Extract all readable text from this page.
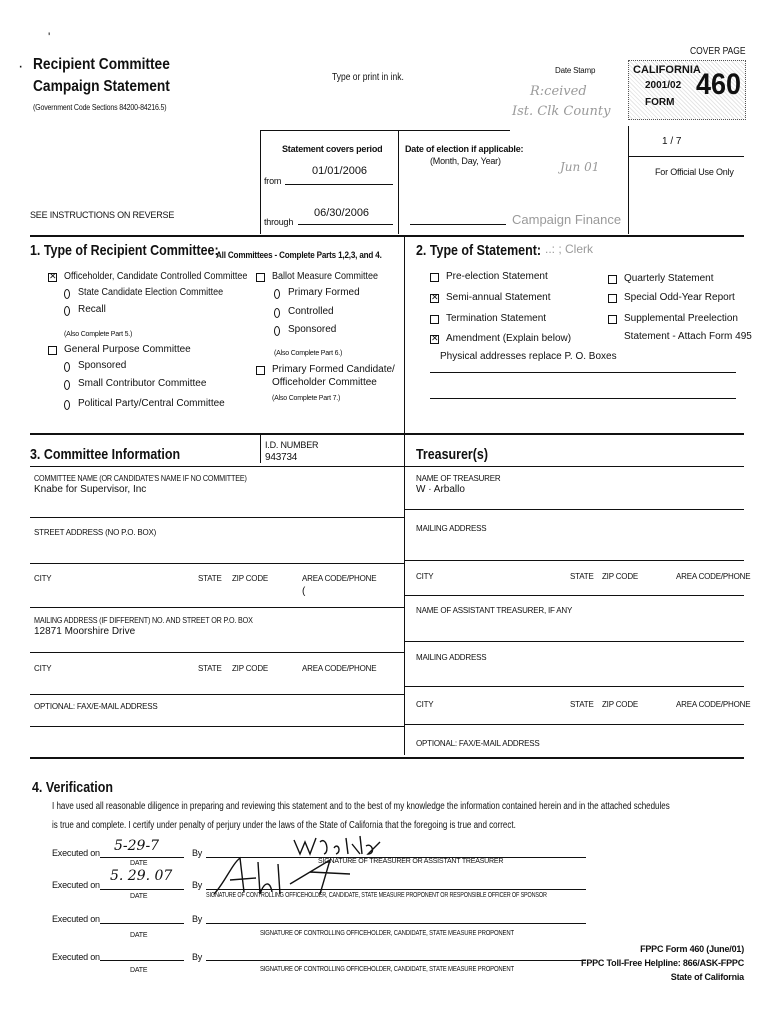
'
· Recipient Committee
Campaign Statement
(Government Code Sections 84200-84216.5)
Type or print in ink.
Date Stamp
R:ceived
Ist. Clk County
Jun 01
Campaign Finance
COVER PAGE
CALIFORNIA
2001/02
FORM
460
1 / 7
For Official Use Only
Statement covers period
from
01/01/2006
through
06/30/2006
Date of election if applicable:
(Month, Day, Year)
SEE INSTRUCTIONS ON REVERSE
1. Type of Recipient Committee:
All Committees - Complete Parts 1,2,3, and 4.
✕
Officeholder, Candidate Controlled Committee
State Candidate Election Committee
Recall
(Also Complete Part 5.)
General Purpose Committee
Sponsored
Small Contributor Committee
Political Party/Central Committee
Ballot Measure Committee
Primary Formed
Controlled
Sponsored
(Also Complete Part 6.)
Primary Formed Candidate/
Officeholder Committee
(Also Complete Part 7.)
2. Type of Statement: ..: ; Clerk
Pre-election Statement
✕
Semi-annual Statement
Termination Statement
✕
Amendment (Explain below)
Physical addresses replace P. O. Boxes
Quarterly Statement
Special Odd-Year Report
Supplemental Preelection
Statement - Attach Form 495
3. Committee Information
I.D. NUMBER
943734
COMMITTEE NAME (OR CANDIDATE'S NAME IF NO COMMITTEE)
Knabe for Supervisor, Inc
STREET ADDRESS (NO P.O. BOX)
CITY	STATE ZIP CODE	AREA CODE/PHONE
(
MAILING ADDRESS (IF DIFFERENT) NO. AND STREET OR P.O. BOX
12871 Moorshire Drive
CITY	STATE ZIP CODE	AREA CODE/PHONE
OPTIONAL: FAX/E-MAIL ADDRESS
Treasurer(s)
NAME OF TREASURER
W · Arballo
MAILING ADDRESS
CITY	STATE ZIP CODE	AREA CODE/PHONE
NAME OF ASSISTANT TREASURER, IF ANY
MAILING ADDRESS
CITY	STATE ZIP CODE	AREA CODE/PHONE
OPTIONAL: FAX/E-MAIL ADDRESS
4. Verification
I have used all reasonable diligence in preparing and reviewing this statement and to the best of my knowledge the information contained herein and in the attached schedules
is true and complete. I certify under penalty of perjury under the laws of the State of California that the foregoing is true and correct.
Executed on 5-29-7
DATE
By
SIGNATURE OF TREASURER OR ASSISTANT TREASURER
Executed on
5. 29. 07
DATE
By
SIGNATURE OF CONTROLLING OFFICEHOLDER, CANDIDATE, STATE MEASURE PROPONENT OR RESPONSIBLE OFFICER OF SPONSOR
Executed on
DATE
By
SIGNATURE OF CONTROLLING OFFICEHOLDER, CANDIDATE, STATE MEASURE PROPONENT
Executed on
DATE
By
SIGNATURE OF CONTROLLING OFFICEHOLDER, CANDIDATE, STATE MEASURE PROPONENT
FPPC Form 460 (June/01)
FPPC Toll-Free Helpline: 866/ASK-FPPC
State of California
